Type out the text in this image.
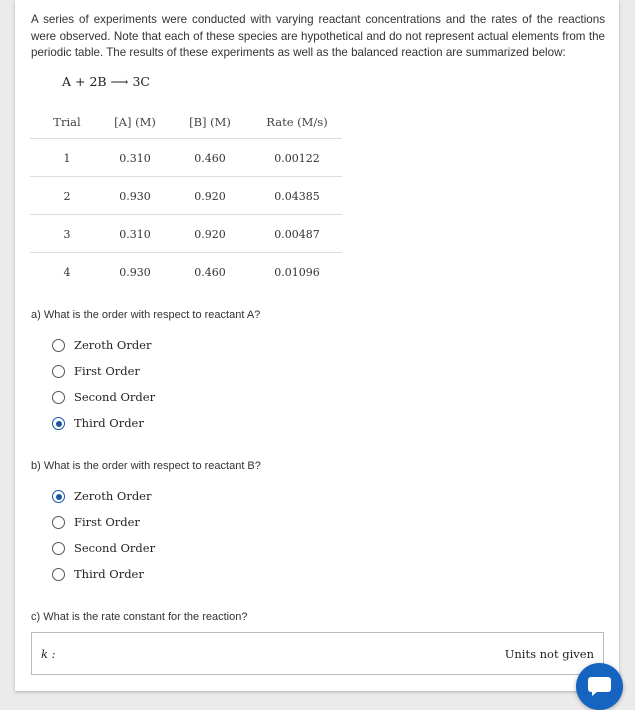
A series of experiments were conducted with varying reactant concentrations and the rates of the reactions were observed. Note that each of these species are hypothetical and do not represent actual elements from the periodic table. The results of these experiments as well as the balanced reaction are summarized below:
A + 2B ⟶ 3C
Trial	[A] (M)	[B] (M)	Rate (M/s)
1	0.310	0.460	0.00122
2	0.930	0.920	0.04385
3	0.310	0.920	0.00487
4	0.930	0.460	0.01096
a) What is the order with respect to reactant A?
Zeroth Order
First Order
Second Order
Third Order
b) What is the order with respect to reactant B?
Zeroth Order
First Order
Second Order
Third Order
c) What is the rate constant for the reaction?
k :	Units not given
